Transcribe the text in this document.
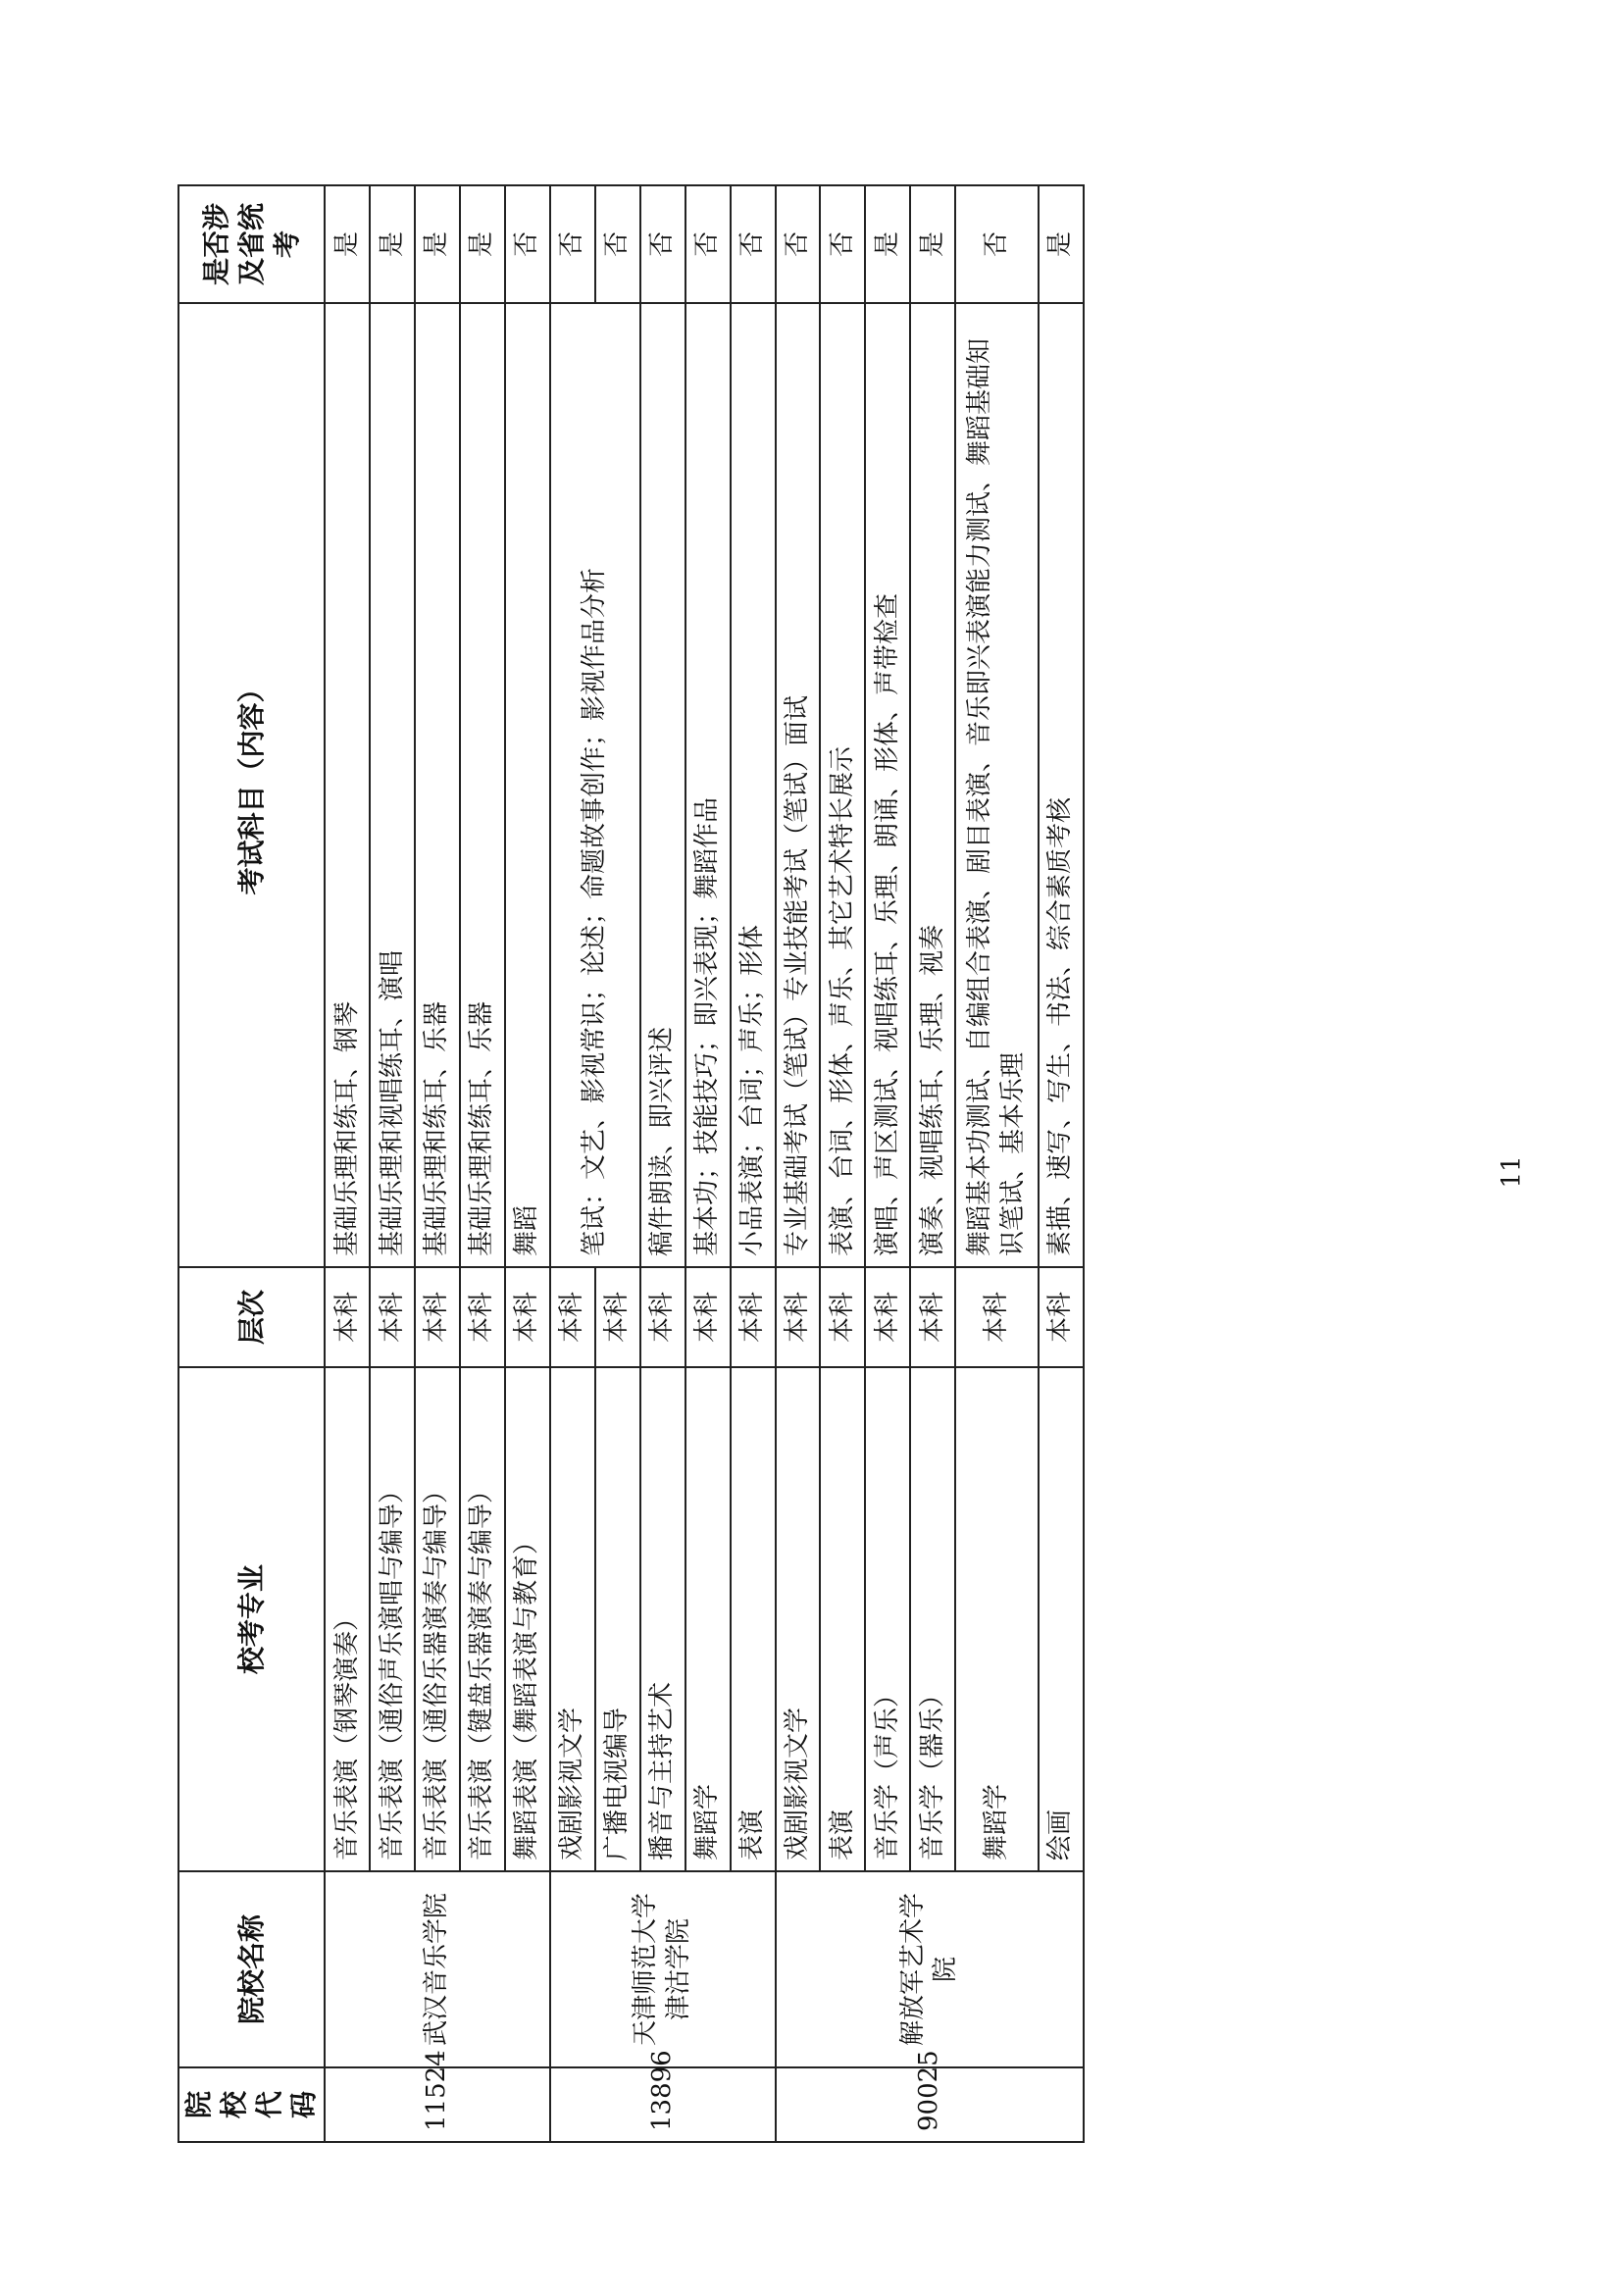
院校代码	院校名称	校考专业	层次	考试科目（内容）	是否涉及省统考
11524	武汉音乐学院	音乐表演（钢琴演奏）	本科	基础乐理和练耳、钢琴	是
		音乐表演（通俗声乐演唱与编导）	本科	基础乐理和视唱练耳、演唱	是
		音乐表演（通俗乐器演奏与编导）	本科	基础乐理和练耳、乐器	是
		音乐表演（键盘乐器演奏与编导）	本科	基础乐理和练耳、乐器	是
		舞蹈表演（舞蹈表演与教育）	本科	舞蹈	否
13896	天津师范大学津沽学院	戏剧影视文学	本科	笔试：文艺、影视常识；论述；命题故事创作；影视作品分析	否
		广播电视编导	本科		否
		播音与主持艺术	本科	稿件朗读、即兴评述	否
		舞蹈学	本科	基本功；技能技巧；即兴表现；舞蹈作品	否
		表演	本科	小品表演；台词；声乐；形体	否
90025	解放军艺术学院	戏剧影视文学	本科	专业基础考试（笔试）专业技能考试（笔试）面试	否
		表演	本科	表演、台词、形体、声乐、其它艺术特长展示	否
		音乐学（声乐）	本科	演唱、声区测试、视唱练耳、乐理、朗诵、形体、声带检查	是
		音乐学（器乐）	本科	演奏、视唱练耳、乐理、视奏	是
		舞蹈学	本科	舞蹈基本功测试、自编组合表演、剧目表演、音乐即兴表演能力测试、舞蹈基础知识笔试、基本乐理	否
		绘画	本科	素描、速写、写生、书法、综合素质考核	是
11
